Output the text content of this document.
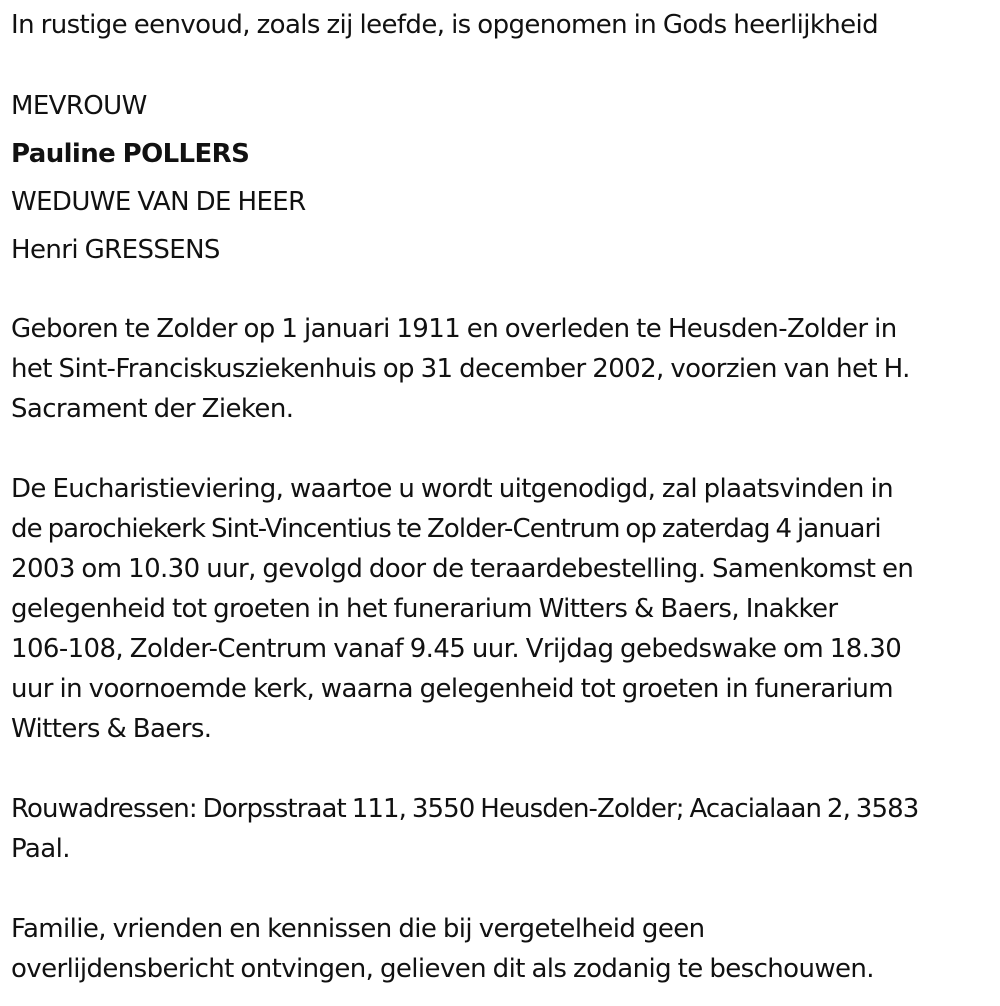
In rustige eenvoud, zoals zij leefde, is opgenomen in Gods heerlijkheid
MEVROUW
Pauline POLLERS
WEDUWE VAN DE HEER
Henri GRESSENS
Geboren te Zolder op 1 januari 1911 en overleden te Heusden-Zolder in
het Sint-Franciskusziekenhuis op 31 december 2002, voorzien van het H.
Sacrament der Zieken.
De Eucharistieviering, waartoe u wordt uitgenodigd, zal plaatsvinden in
de parochiekerk Sint-Vincentius te Zolder-Centrum op zaterdag 4 januari
2003 om 10.30 uur, gevolgd door de teraardebestelling. Samenkomst en
gelegenheid tot groeten in het funerarium Witters & Baers, Inakker
106-108, Zolder-Centrum vanaf 9.45 uur. Vrijdag gebedswake om 18.30
uur in voornoemde kerk, waarna gelegenheid tot groeten in funerarium
Witters & Baers.
Rouwadressen: Dorpsstraat 111, 3550 Heusden-Zolder; Acacialaan 2, 3583
Paal.
Familie, vrienden en kennissen die bij vergetelheid geen
overlijdensbericht ontvingen, gelieven dit als zodanig te beschouwen.
